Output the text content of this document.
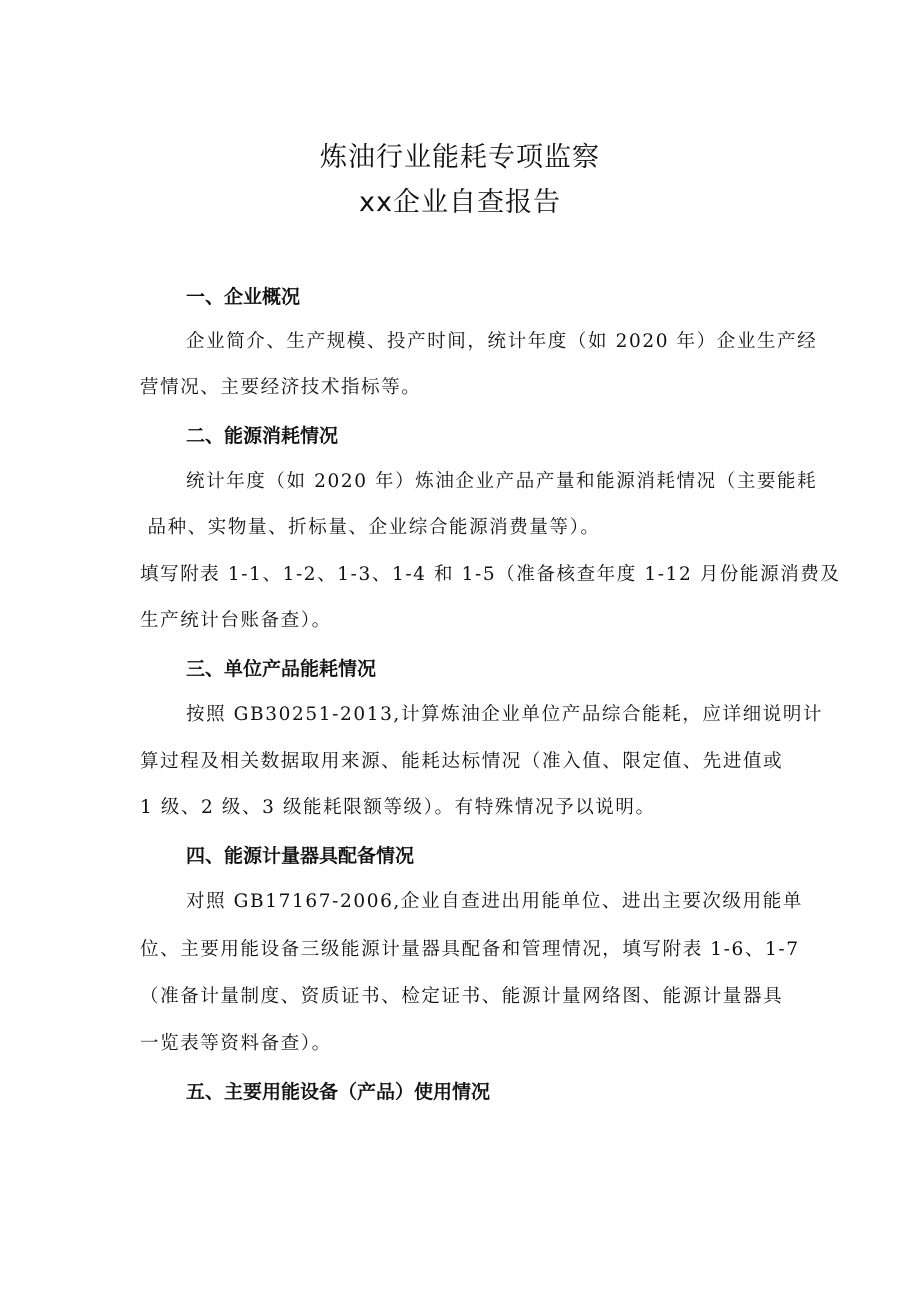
炼油行业能耗专项监察
xx企业自查报告
一、企业概况

企业简介、生产规模、投产时间，统计年度（如 2020 年）企业生产经

营情况、主要经济技术指标等。

二、能源消耗情况

统计年度（如 2020 年）炼油企业产品产量和能源消耗情况（主要能耗

品种、实物量、折标量、企业综合能源消费量等）。

填写附表 1-1、1-2、1-3、1-4 和 1-5（准备核查年度 1-12 月份能源消费及

生产统计台账备查）。

三、单位产品能耗情况

按照 GB30251-2013,计算炼油企业单位产品综合能耗，应详细说明计

算过程及相关数据取用来源、能耗达标情况（准入值、限定值、先进值或

1 级、2 级、3 级能耗限额等级）。有特殊情况予以说明。

四、能源计量器具配备情况

对照 GB17167-2006,企业自查进出用能单位、进出主要次级用能单

位、主要用能设备三级能源计量器具配备和管理情况，填写附表 1-6、1-7

（准备计量制度、资质证书、检定证书、能源计量网络图、能源计量器具

一览表等资料备查）。

五、主要用能设备（产品）使用情况
